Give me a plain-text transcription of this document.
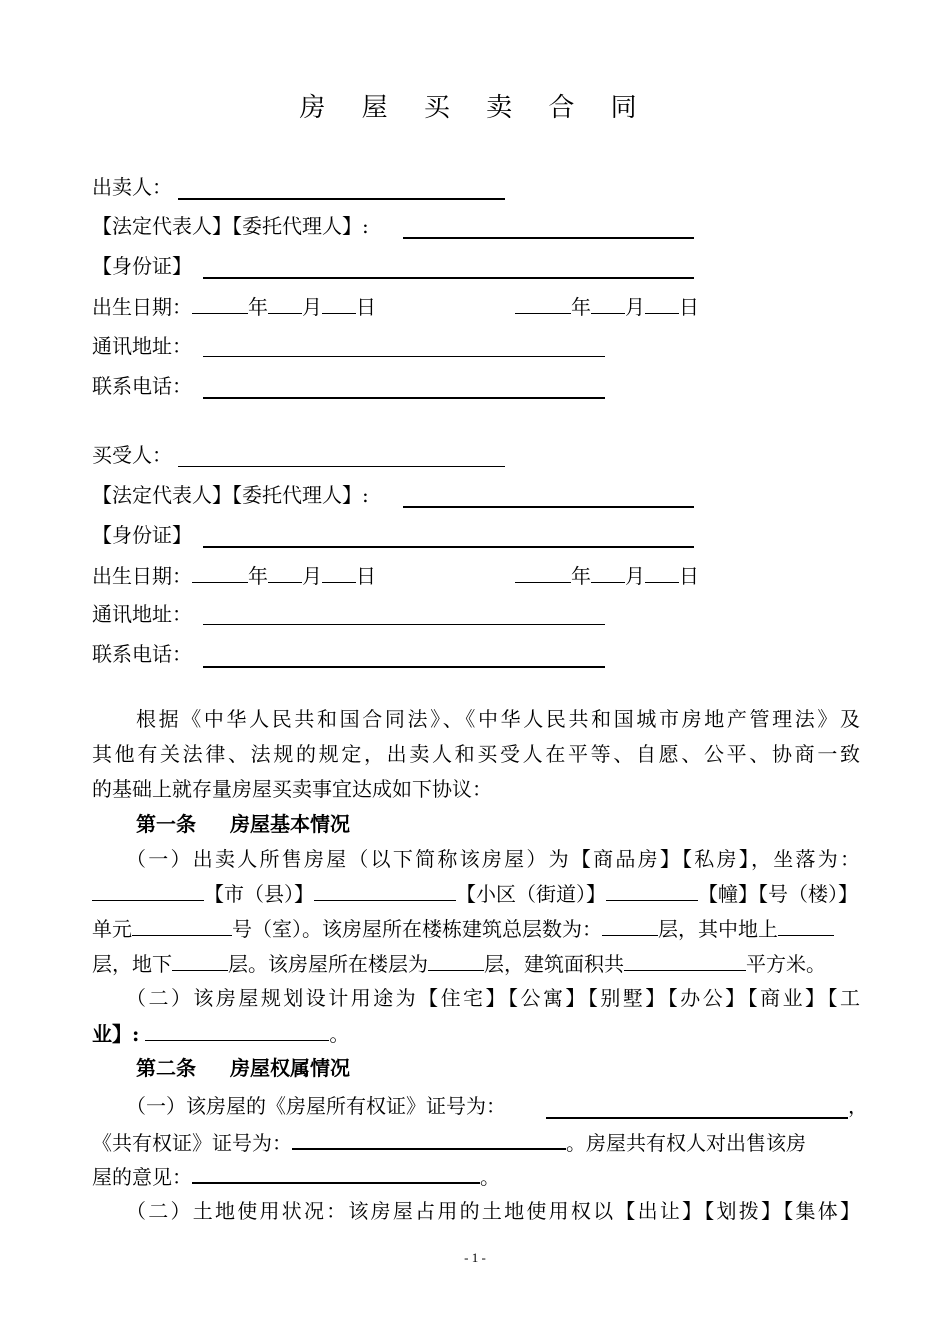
房 屋 买 卖 合 同
出卖人：
【法定代表人】【委托代理人】:
【身份证】
出生日期：	年 月 日	年 月 日
通讯地址：
联系电话：
买受人：
【法定代表人】【委托代理人】:
【身份证】
出生日期：	年 月 日	年 月 日
通讯地址：
联系电话：
根据《中华人民共和国合同法》、《中华人民共和国城市房地产管理法》及
其他有关法律、法规的规定，出卖人和买受人在平等、自愿、公平、协商一致
的基础上就存量房屋买卖事宜达成如下协议：
第一条 房屋基本情况
（一）出卖人所售房屋（以下简称该房屋）为【商品房】【私房】，坐落为：
【市（县）】	【小区（街道）】	【幢】【号（楼）】
单元	号（室）。该房屋所在楼栋建筑总层数为：	层，其中地上
层，地下	层。该房屋所在楼层为	层，建筑面积共	平方米。
（二）该房屋规划设计用途为【住宅】【公寓】【别墅】【办公】【商业】【工
业】:	。
第二条 房屋权属情况
（一）该房屋的《房屋所有权证》证号为：	，
《共有权证》证号为：	。房屋共有权人对出售该房
屋的意见：	。
（二）土地使用状况：该房屋占用的土地使用权以【出让】【划拨】【集体】
- 1 -
